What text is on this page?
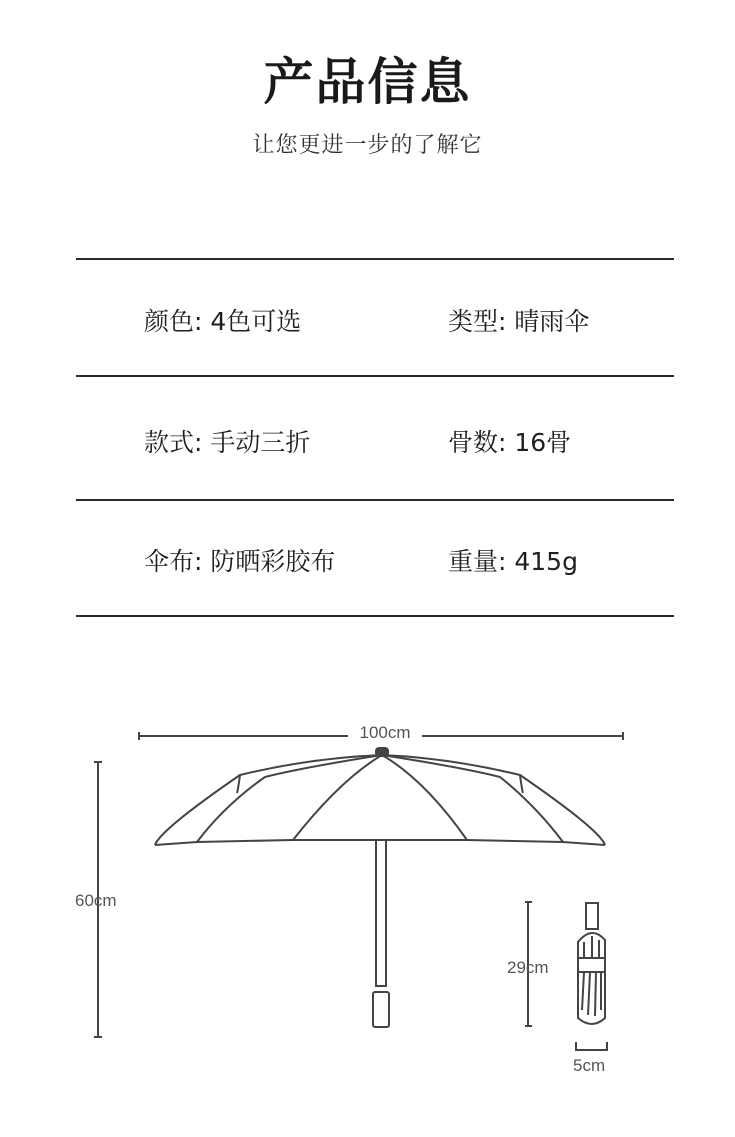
产品信息
让您更进一步的了解它
颜色: 4色可选	类型: 晴雨伞
款式: 手动三折	骨数: 16骨
伞布: 防晒彩胶布	重量: 415g
100cm
60cm
29cm
5cm
